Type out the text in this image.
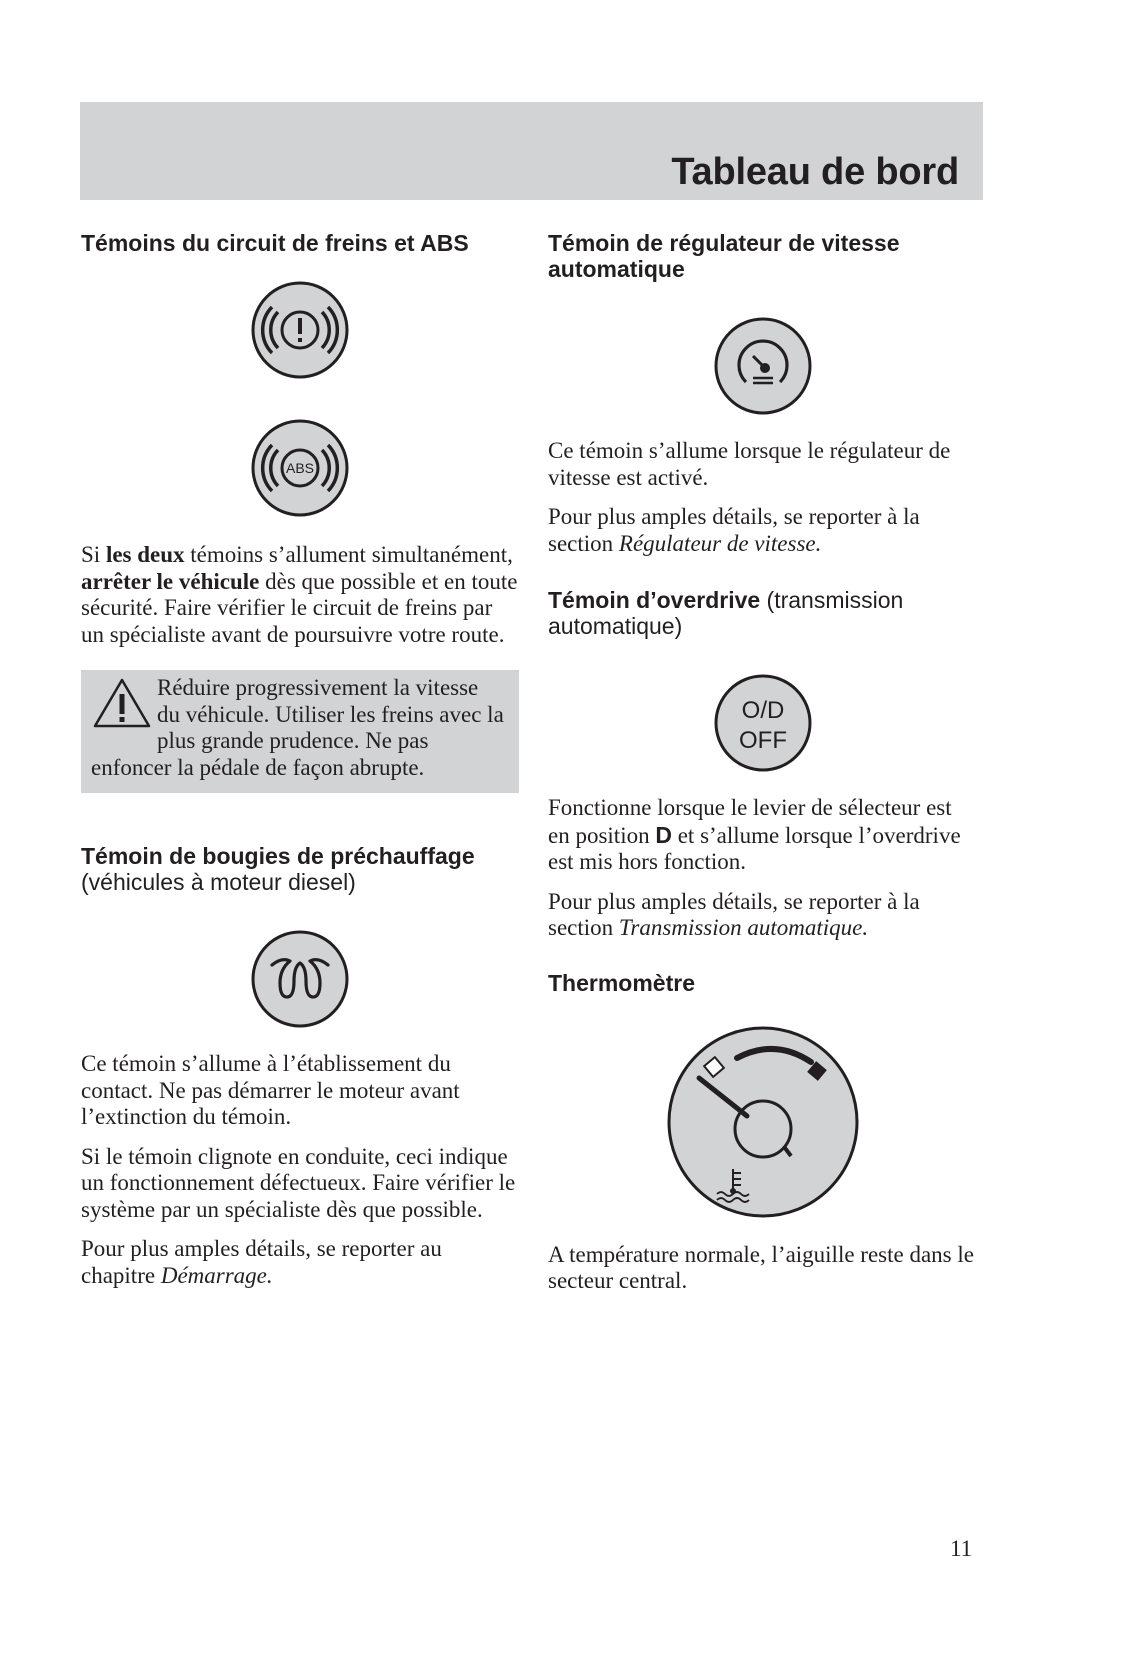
Tableau de bord
Témoins du circuit de freins et ABS
ABS

Si les deux témoins s’allument simultanément, arrêter le véhicule dès que possible et en toute sécurité. Faire vérifier le circuit de freins par un spécialiste avant de poursuivre votre route.

Réduire progressivement la vitesse du véhicule. Utiliser les freins avec la plus grande prudence. Ne pas enfoncer la pédale de façon abrupte.

Témoin de bougies de préchauffage
(véhicules à moteur diesel)

Ce témoin s’allume à l’établissement du contact. Ne pas démarrer le moteur avant l’extinction du témoin.

Si le témoin clignote en conduite, ceci indique un fonctionnement défectueux. Faire vérifier le système par un spécialiste dès que possible.

Pour plus amples détails, se reporter au chapitre Démarrage.

Témoin de régulateur de vitesse automatique

Ce témoin s’allume lorsque le régulateur de vitesse est activé.

Pour plus amples détails, se reporter à la section Régulateur de vitesse.

Témoin d’overdrive (transmission automatique)
O/D
OFF

Fonctionne lorsque le levier de sélecteur est en position D et s’allume lorsque l’overdrive est mis hors fonction.

Pour plus amples détails, se reporter à la section Transmission automatique.

Thermomètre

A température normale, l’aiguille reste dans le secteur central.

11
